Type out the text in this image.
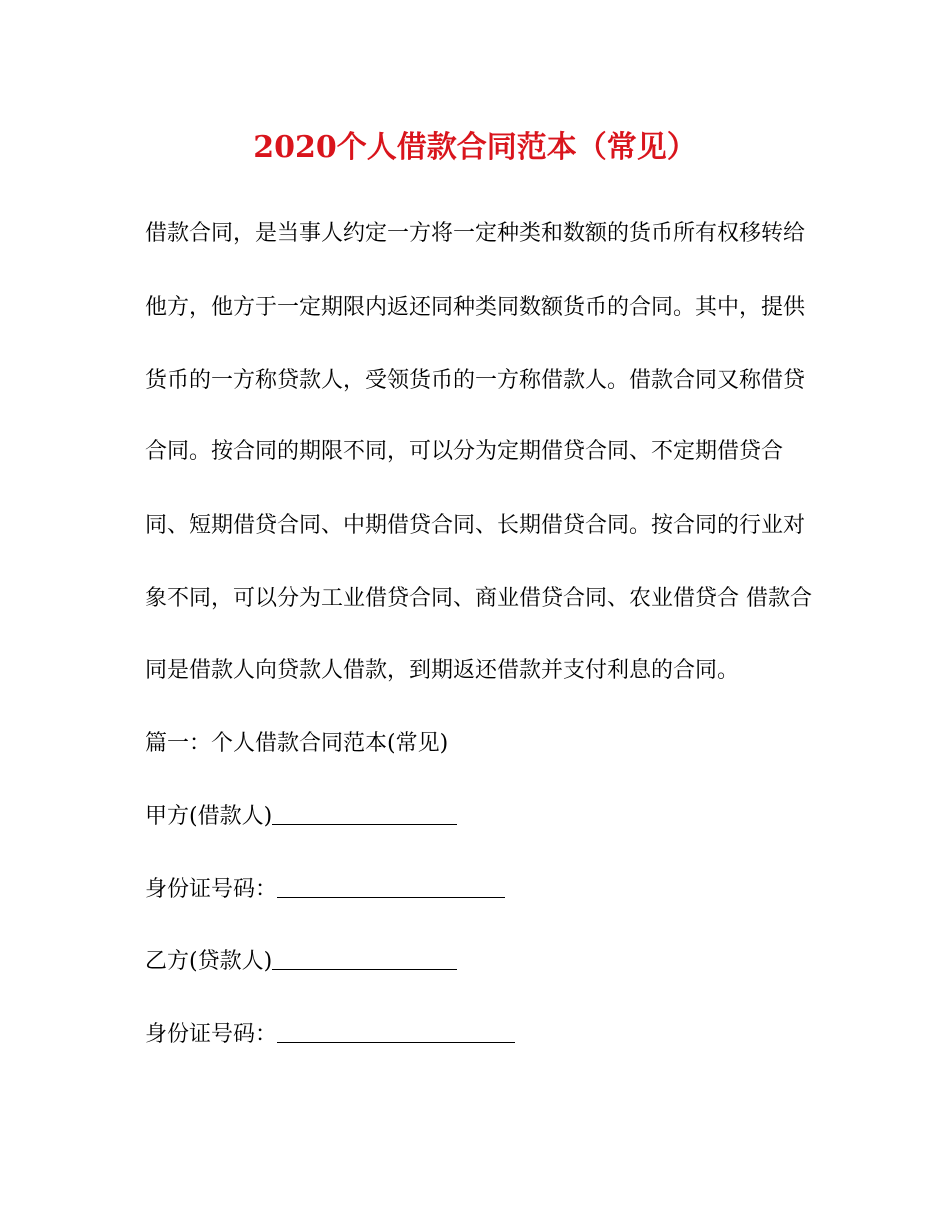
2020个人借款合同范本（常见）
借款合同，是当事人约定一方将一定种类和数额的货币所有权移转给
他方，他方于一定期限内返还同种类同数额货币的合同。其中，提供
货币的一方称贷款人，受领货币的一方称借款人。借款合同又称借贷
合同。按合同的期限不同，可以分为定期借贷合同、不定期借贷合
同、短期借贷合同、中期借贷合同、长期借贷合同。按合同的行业对
象不同，可以分为工业借贷合同、商业借贷合同、农业借贷合 借款合
同是借款人向贷款人借款，到期返还借款并支付利息的合同。
篇一：个人借款合同范本(常见)
甲方(借款人)
身份证号码：
乙方(贷款人)
身份证号码：
